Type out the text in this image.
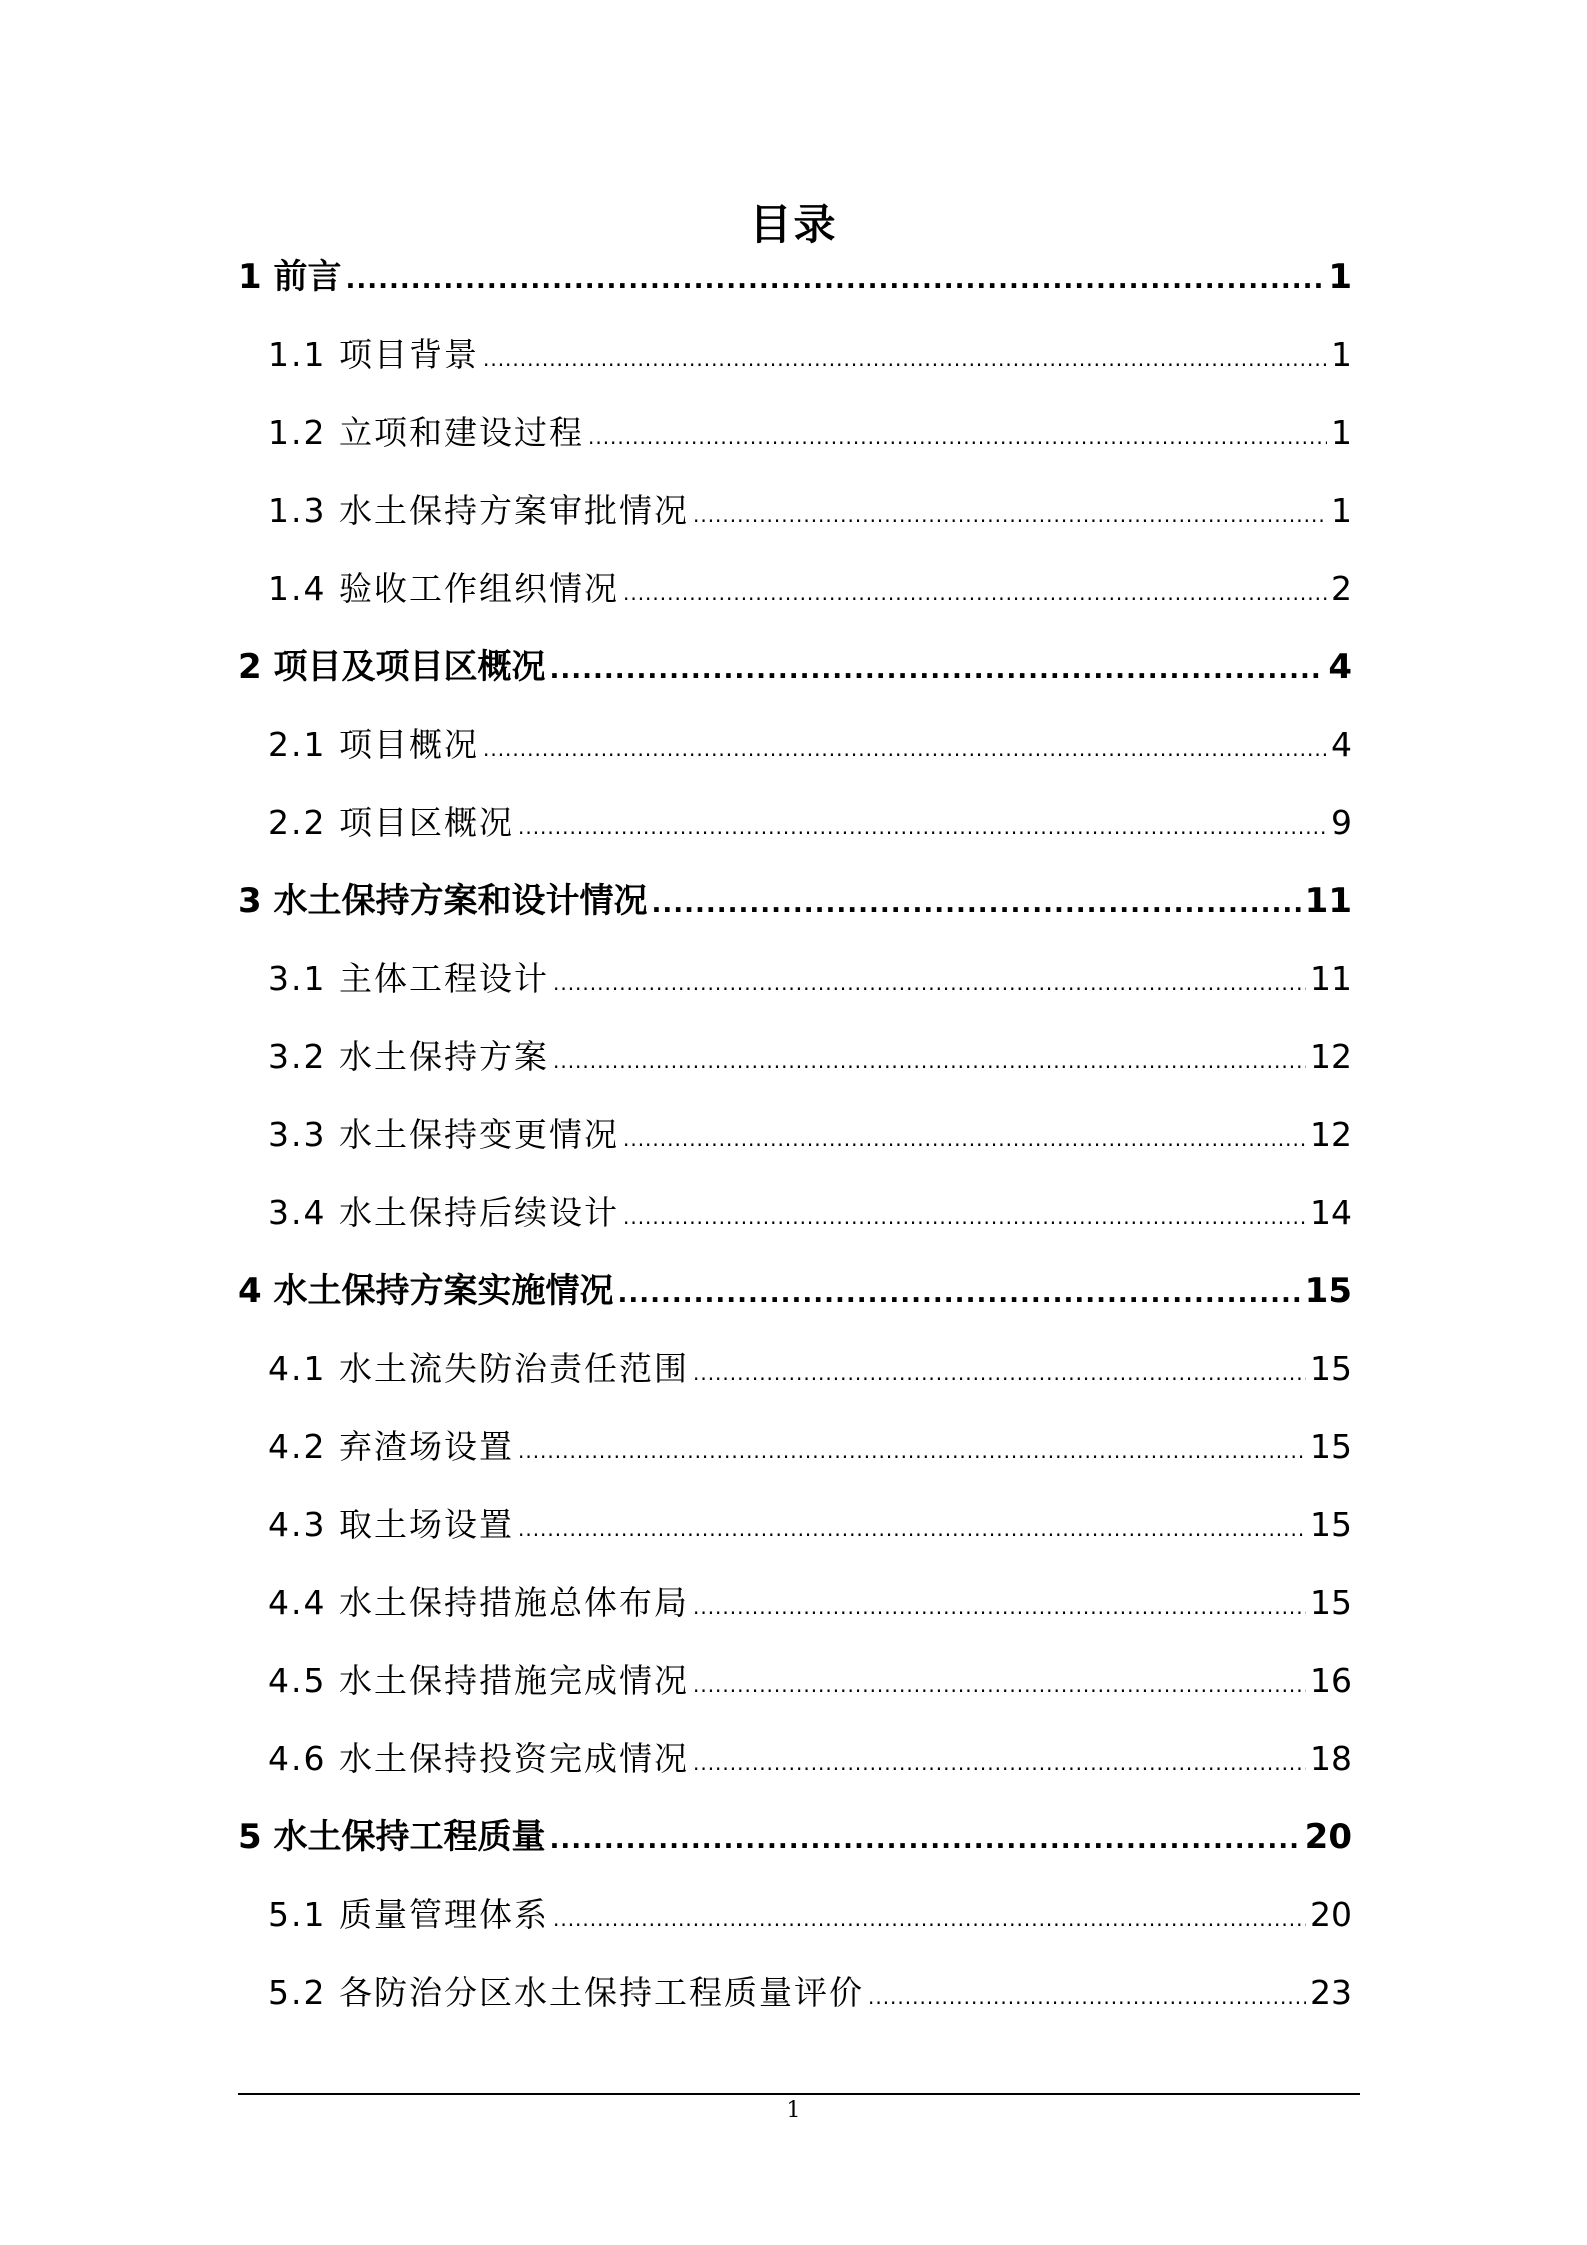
目录
1 前言 .....	1
1.1 项目背景 .....	1
1.2 立项和建设过程 .....	1
1.3 水土保持方案审批情况 .....	1
1.4 验收工作组织情况 .....	2
2 项目及项目区概况 .....	4
2.1 项目概况 .....	4
2.2 项目区概况 .....	9
3 水土保持方案和设计情况 .....	11
3.1 主体工程设计 .....	11
3.2 水土保持方案 .....	12
3.3 水土保持变更情况 .....	12
3.4 水土保持后续设计 .....	14
4 水土保持方案实施情况 .....	15
4.1 水土流失防治责任范围 .....	15
4.2 弃渣场设置 .....	15
4.3 取土场设置 .....	15
4.4 水土保持措施总体布局 .....	15
4.5 水土保持措施完成情况 .....	16
4.6 水土保持投资完成情况 .....	18
5 水土保持工程质量 .....	20
5.1 质量管理体系 .....	20
5.2 各防治分区水土保持工程质量评价 .....	23
1
